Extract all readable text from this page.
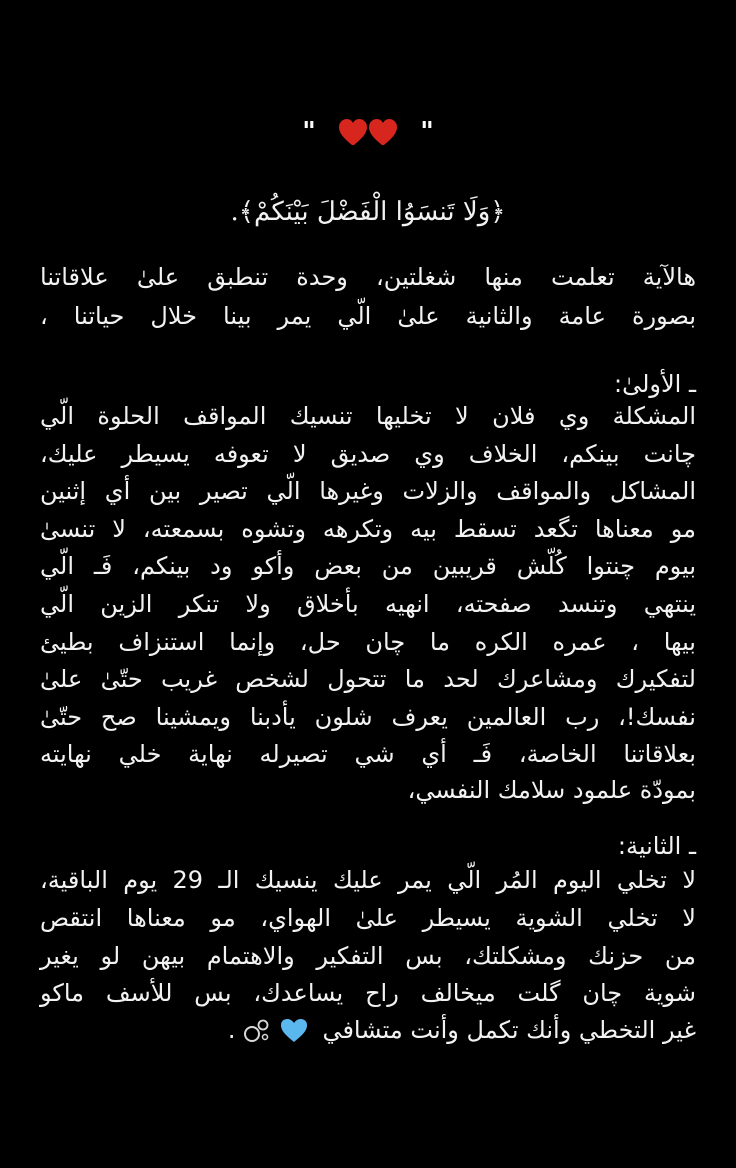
"	"
﴿وَلَا تَنسَوُا الْفَضْلَ بَيْنَكُمْ﴾.
هالآية تعلمت منها شغلتين، وحدة تنطبق علىٰ علاقاتنا
بصورة عامة والثانية علىٰ الّي يمر بينا خلال حياتنا ،
ـ الأولىٰ:
المشكلة وي فلان لا تخليها تنسيك المواقف الحلوة الّي
چانت بينكم، الخلاف وي صديق لا تعوفه يسيطر عليك،
المشاكل والمواقف والزلات وغيرها الّي تصير بين أي إثنين
مو معناها تگعد تسقط بيه وتكرهه وتشوه بسمعته، لا تنسىٰ
بيوم چنتوا كُلّش قريبين من بعض وأكو ود بينكم، فَـ الّي
ينتهي وتنسد صفحته، انهيه بأخلاق ولا تنكر الزين الّي
بيها ، عمره الكره ما چان حل، وإنما استنزاف بطيئ
لتفكيرك ومشاعرك لحد ما تتحول لشخص غريب حتّىٰ علىٰ
نفسك!، رب العالمين يعرف شلون يأدبنا ويمشينا صح حتّىٰ
بعلاقاتنا الخاصة، فَـ أي شي تصيرله نهاية خلي نهايته
بمودّة علمود سلامك النفسي،
ـ الثانية:
لا تخلي اليوم المُر الّي يمر عليك ينسيك الـ 29 يوم الباقية،
لا تخلي الشوية يسيطر علىٰ الهواي، مو معناها انتقص
من حزنك ومشكلتك، بس التفكير والاهتمام بيهن لو يغير
شوية چان گلت ميخالف راح يساعدك، بس للأسف ماكو
غير التخطي وأنك تكمل وأنت متشافي   .
